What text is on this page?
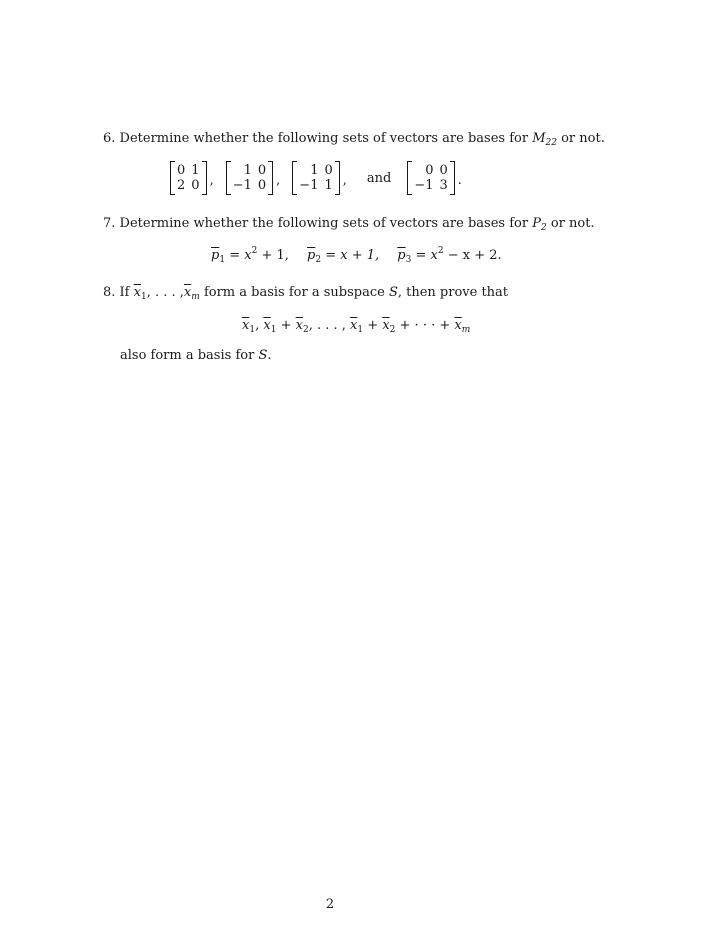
6. Determine whether the following sets of vectors are bases for $M_{22}$ or not.
0 1
2 0 ,
1 0
−1 0 ,
1 0
−1 1 , and	0 0
−1 3 .
7. Determine whether the following sets of vectors are bases for $P_2$ or not.
$\overline{p}_1 = x^2 + 1$, $\overline{p}_2 = x + 1$, $\overline{p}_3 = x^2 - x + 2$.
8. If $\overline{x}_1$, . . . $,\overline{x}_m$ form a basis for a subspace S, then prove that
$\overline{x}_1$, $\overline{x}_1 + \overline{x}_2$, . . . , $\overline{x}_1 + \overline{x}_2$ + · · · + $\overline{x}_m$
also form a basis for S.
2
